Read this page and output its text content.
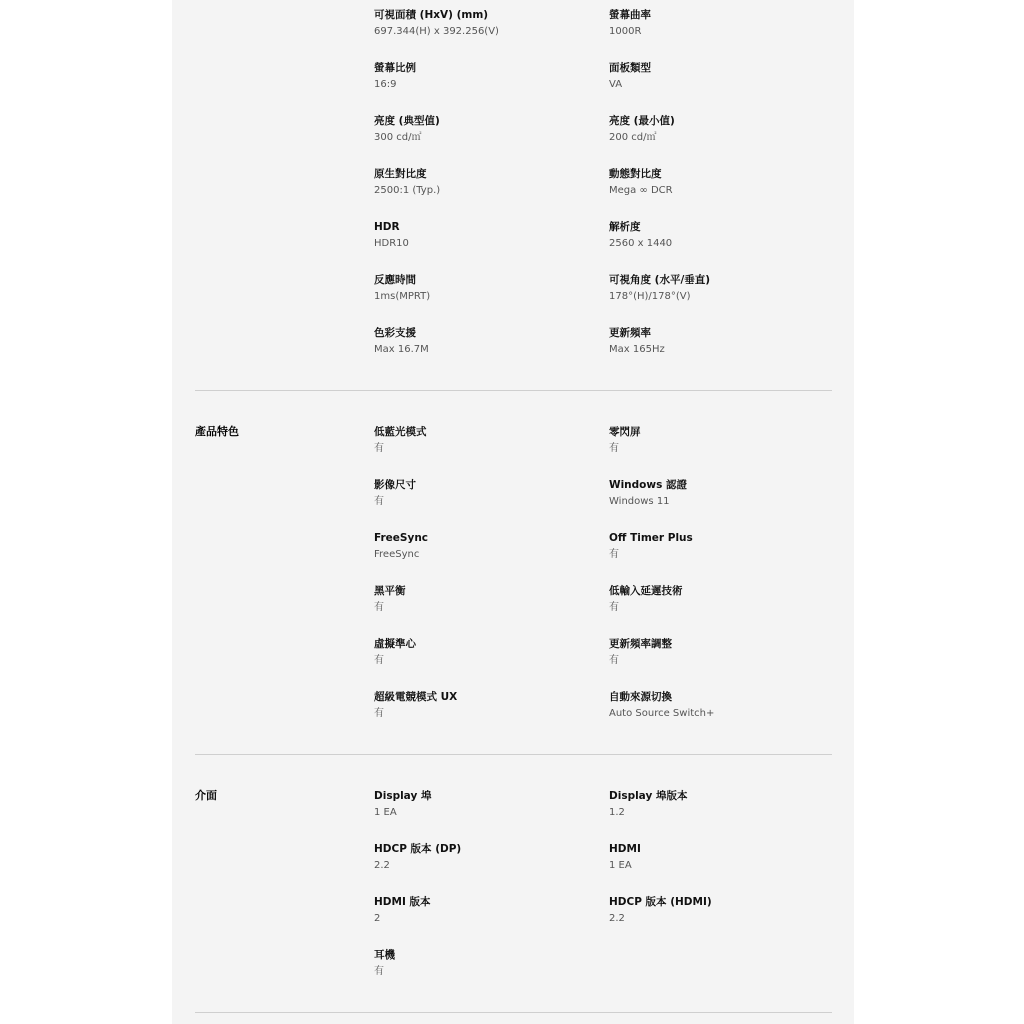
可視面積 (HxV) (mm)
697.344(H) x 392.256(V)
螢幕曲率
1000R
螢幕比例
16:9
面板類型
VA
亮度 (典型值)
300 cd/㎡
亮度 (最小值)
200 cd/㎡
原生對比度
2500:1 (Typ.)
動態對比度
Mega ∞ DCR
HDR
HDR10
解析度
2560 x 1440
反應時間
1ms(MPRT)
可視角度 (水平/垂直)
178°(H)/178°(V)
色彩支援
Max 16.7M
更新頻率
Max 165Hz
產品特色	低藍光模式
有
零閃屏
有
影像尺寸
有
Windows 認證
Windows 11
FreeSync
FreeSync
Off Timer Plus
有
黑平衡
有
低輸入延遲技術
有
虛擬準心
有
更新頻率調整
有
超級電競模式 UX
有
自動來源切換
Auto Source Switch+
介面	Display 埠
1 EA
Display 埠版本
1.2
HDCP 版本 (DP)
2.2
HDMI
1 EA
HDMI 版本
2
HDCP 版本 (HDMI)
2.2
耳機
有
